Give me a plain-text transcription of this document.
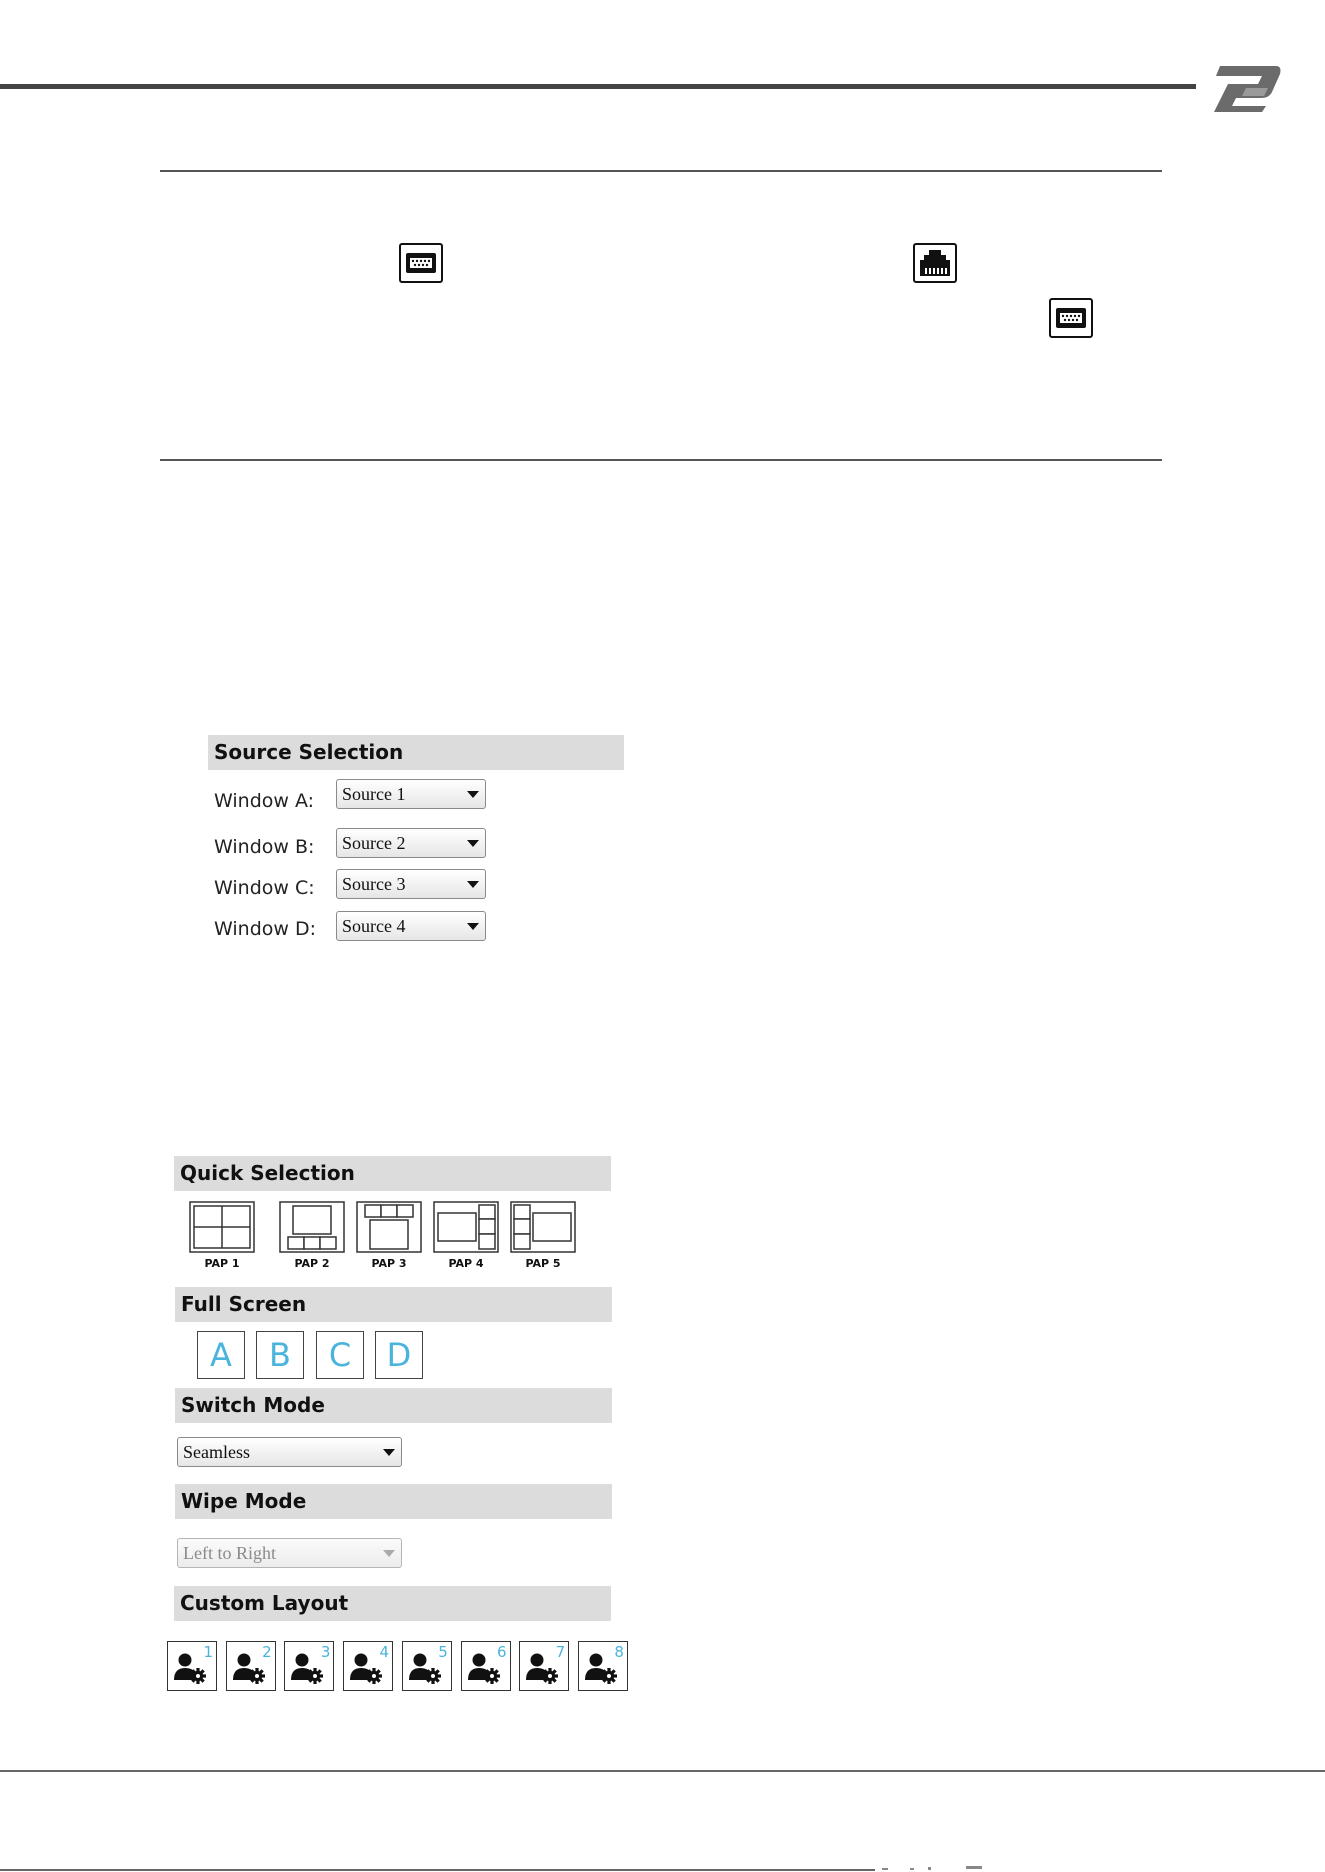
Source Selection
Window A:	Source 1
Window B:	Source 2
Window C:	Source 3
Window D:	Source 4
Quick Selection
PAP 1	PAP 2	PAP 3	PAP 4	PAP 5
Full Screen
A	B	C	D
Switch Mode
Seamless
Wipe Mode
Left to Right
Custom Layout
1	2	3	4	5	6	7	8
